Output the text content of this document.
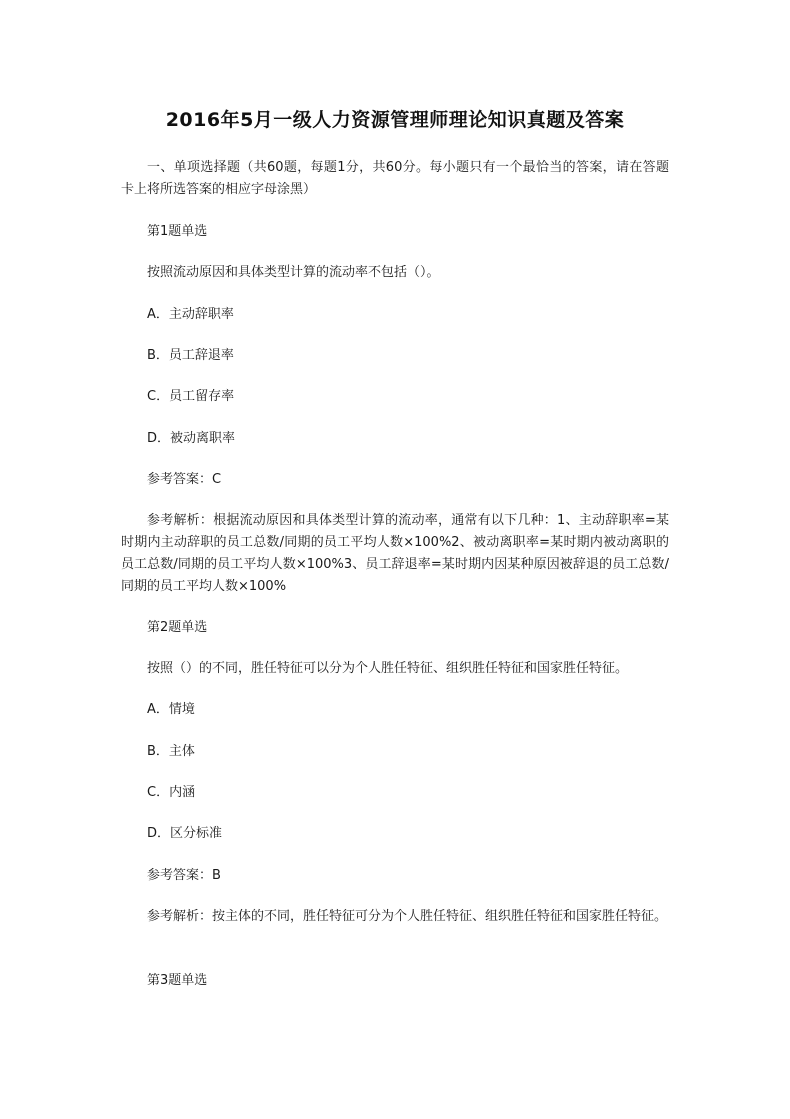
2016年5月一级人力资源管理师理论知识真题及答案
一、单项选择题（共60题，每题1分，共60分。每小题只有一个最恰当的答案，请在答题卡上将所选答案的相应字母涂黑）
第1题单选
按照流动原因和具体类型计算的流动率不包括（）。
A．主动辞职率
B．员工辞退率
C．员工留存率
D．被动离职率
参考答案：C
参考解析：根据流动原因和具体类型计算的流动率，通常有以下几种：1、主动辞职率=某时期内主动辞职的员工总数/同期的员工平均人数×100%2、被动离职率=某时期内被动离职的员工总数/同期的员工平均人数×100%3、员工辞退率=某时期内因某种原因被辞退的员工总数/同期的员工平均人数×100%
第2题单选
按照（）的不同，胜任特征可以分为个人胜任特征、组织胜任特征和国家胜任特征。
A．情境
B．主体
C．内涵
D．区分标准
参考答案：B
参考解析：按主体的不同，胜任特征可分为个人胜任特征、组织胜任特征和国家胜任特征。
第3题单选
